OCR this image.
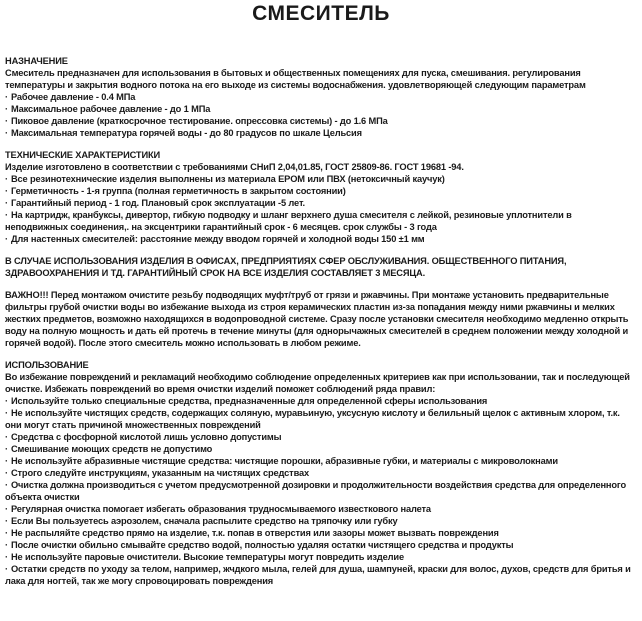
СМЕСИТЕЛЬ
НАЗНАЧЕНИЕ
Смеситель предназначен для использования в бытовых и общественных помещениях для пуска, смешивания. регулирования температуры и закрытия водного потока на его выходе из системы водоснабжения. удовлетворяющей следующим параметрам
· Рабочее давление - 0.4 МПа
· Максимальное рабочее давление - до 1 МПа
· Пиковое давление (краткосрочное тестирование. опрессовка системы) - до 1.6 МПа
· Максимальная температура горячей воды - до 80 градусов по шкале Цельсия
ТЕХНИЧЕСКИЕ ХАРАКТЕРИСТИКИ
Изделие изготовлено в соответствии с требованиями СНиП 2,04,01.85, ГОСТ 25809-86. ГОСТ 19681 -94.
· Все резинотехнические изделия выполнены из материала EPOM или ПВХ (нетоксичный каучук)
· Герметичность - 1-я группа (полная герметичность в закрытом состоянии)
· Гарантийный период - 1 год. Плановый срок эксплуатации -5 лет.
· На картридж, кранбуксы, дивертор, гибкую подводку и шланг верхнего душа смесителя с лейкой, резиновые уплотнители в неподвижных соединения,. на эксцентрики гарантийный срок - 6 месяцев. срок службы - 3 года
· Для настенных смесителей: расстояние между вводом горячей и холодной воды 150 ±1 мм
В СЛУЧАЕ ИСПОЛЬЗОВАНИЯ ИЗДЕЛИЯ В ОФИСАХ, ПРЕДПРИЯТИЯХ СФЕР ОБСЛУЖИВАНИЯ. ОБЩЕСТВЕННОГО ПИТАНИЯ, ЗДРАВООХРАНЕНИЯ И ТД. ГАРАНТИЙНЫЙ СРОК НА ВСЕ ИЗДЕЛИЯ СОСТАВЛЯЕТ 3 МЕСЯЦА.
ВАЖНО!!! Перед монтажом очистите резьбу подводящих муфт/труб от грязи и ржавчины. При монтаже установить предварительные фильтры грубой очистки воды во избежание выхода из строя керамических пластин из-за попадания между ними ржавчины и мелких жестких предметов, возможно находящихся в водопроводной системе. Сразу после установки смесителя необходимо медленно открыть воду на полную мощность и дать ей протечь в течение минуты (для однорычажных смесителей в среднем положении между холодной и горячей водой). После этого смеситель можно использовать в любом режиме.
ИСПОЛЬЗОВАНИЕ
Во избежание повреждений и рекламаций необходимо соблюдение определенных критериев как при использовании, так и последующей очистке. Избежать повреждений во время очистки изделий поможет соблюдений ряда правил:
· Используйте только специальные средства, предназначенные для определенной сферы использования
· Не используйте чистящих средств, содержащих соляную, муравьиную, уксусную кислоту и белильный щелок с активным хлором, т.к. они могут стать причиной множественных повреждений
· Средства с фосфорной кислотой лишь условно допустимы
· Смешивание моющих средств не допустимо
· Не используйте абразивные чистящие средства: чистящие порошки, абразивные губки, и материалы с микроволокнами
· Строго следуйте инструкциям, указанным на чистящих средствах
· Очистка должна производиться с учетом предусмотренной дозировки и продолжительности воздействия средства для определенного объекта очистки
· Регулярная очистка помогает избегать образования трудносмываемого известкового налета
· Если Вы пользуетесь аэрозолем, сначала распылите средство на тряпочку или губку
· Не распыляйте средство прямо на изделие, т.к. попав в отверстия или зазоры может вызвать повреждения
· После очистки обильно смывайте средство водой, полностью удаляя остатки чистящего средства и продукты
· Не используйте паровые очистители. Высокие температуры могут повредить изделие
· Остатки средств по уходу за телом, например, жчдкого мыла, гелей для душа, шампуней, краски для волос, духов, средств для бритья и лака для ногтей, так же могу спровоцировать повреждения
